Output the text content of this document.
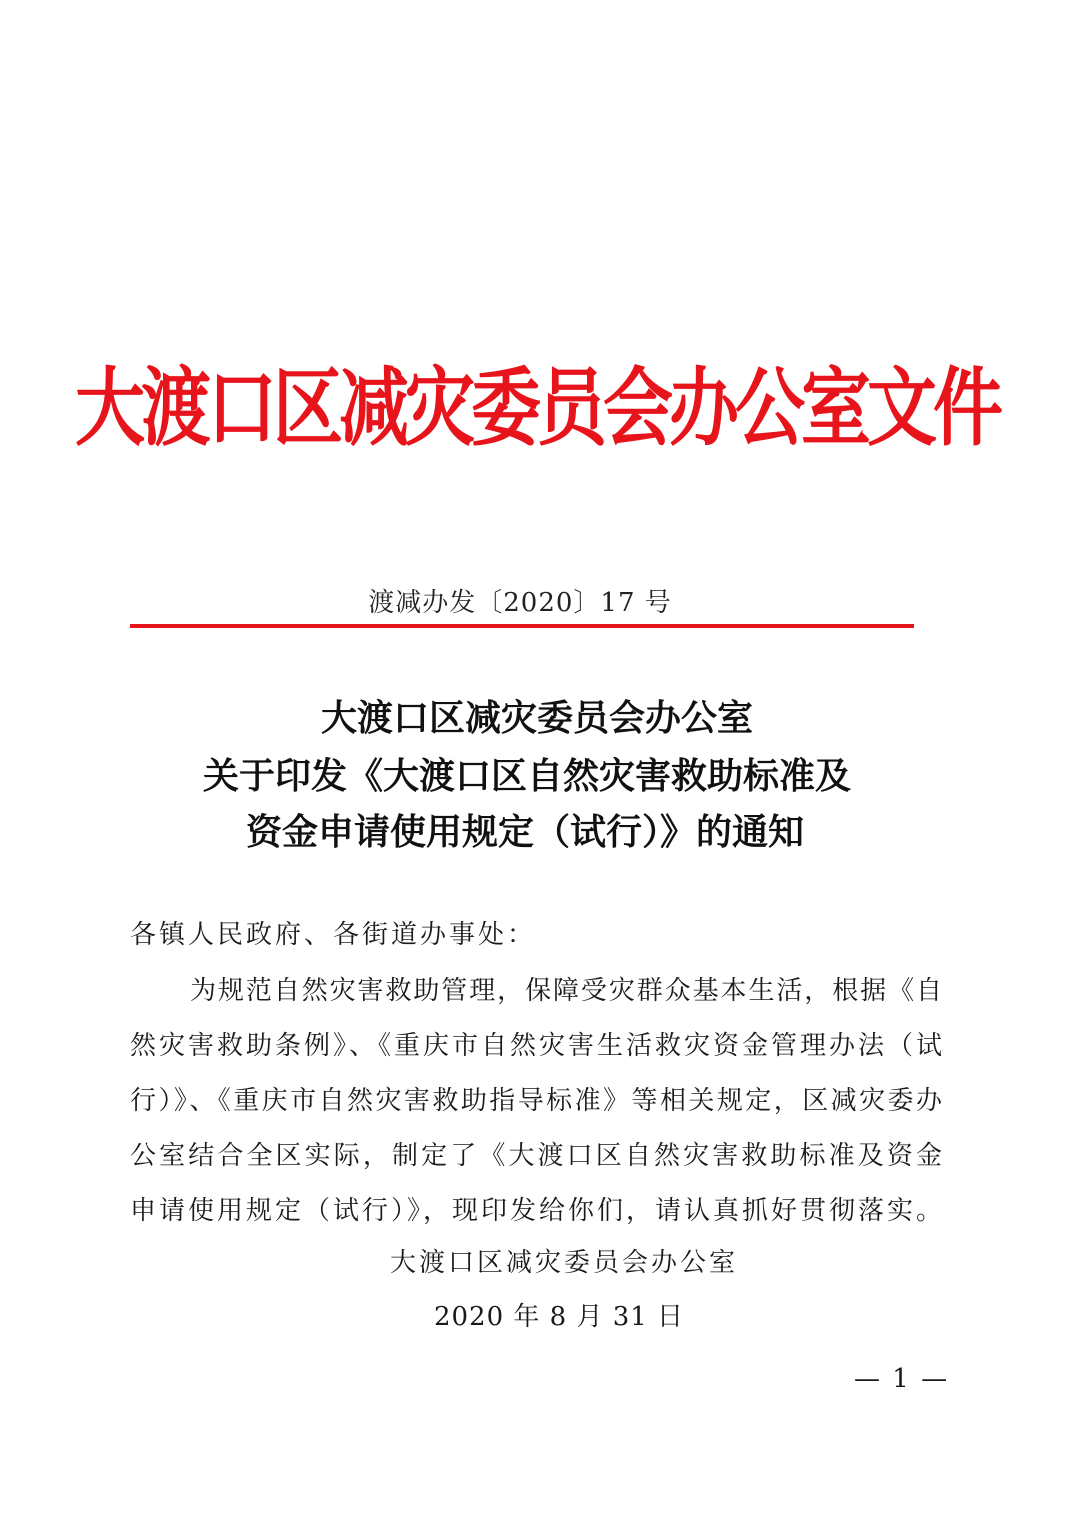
大渡口区减灾委员会办公室文件
渡减办发〔2020〕17 号
大渡口区减灾委员会办公室
关于印发《大渡口区自然灾害救助标准及
资金申请使用规定（试行）》的通知
各镇人民政府、各街道办事处：
为规范自然灾害救助管理，保障受灾群众基本生活，根据《自
然灾害救助条例》、《重庆市自然灾害生活救灾资金管理办法（试
行）》、《重庆市自然灾害救助指导标准》等相关规定，区减灾委办
公室结合全区实际，制定了《大渡口区自然灾害救助标准及资金
申请使用规定（试行）》，现印发给你们，请认真抓好贯彻落实。
大渡口区减灾委员会办公室
2020 年 8 月 31 日
— 1 —
